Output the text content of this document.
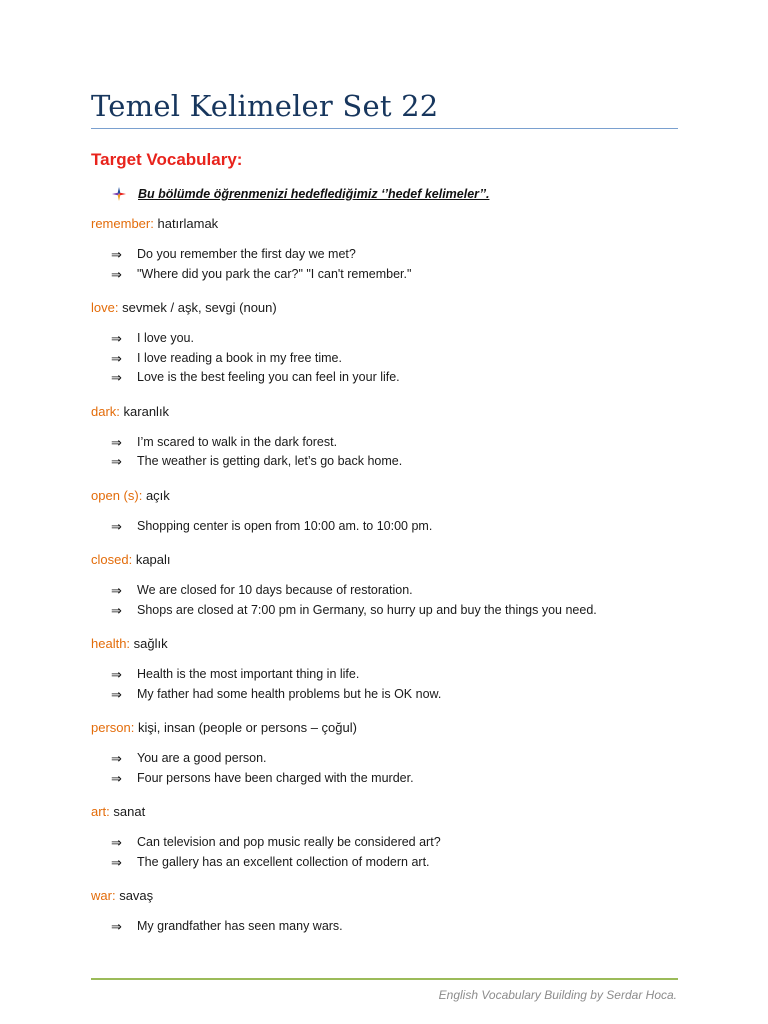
Temel Kelimeler Set 22
Target Vocabulary:
Bu bölümde öğrenmenizi hedeflediğimiz ‘’hedef kelimeler’’.
remember: hatırlamak
⇒	Do you remember the first day we met?
⇒	"Where did you park the car?" "I can't remember."
love: sevmek / aşk, sevgi (noun)
⇒	I love you.
⇒	I love reading a book in my free time.
⇒	Love is the best feeling you can feel in your life.
dark: karanlık
⇒	I’m scared to walk in the dark forest.
⇒	The weather is getting dark, let’s go back home.
open (s): açık
⇒	Shopping center is open from 10:00 am. to 10:00 pm.
closed: kapalı
⇒	We are closed for 10 days because of restoration.
⇒	Shops are closed at 7:00 pm in Germany, so hurry up and buy the things you need.
health: sağlık
⇒	Health is the most important thing in life.
⇒	My father had some health problems but he is OK now.
person: kişi, insan (people or persons – çoğul)
⇒	You are a good person.
⇒	Four persons have been charged with the murder.
art: sanat
⇒	Can television and pop music really be considered art?
⇒	The gallery has an excellent collection of modern art.
war: savaş
⇒	My grandfather has seen many wars.
English Vocabulary Building by Serdar Hoca.
